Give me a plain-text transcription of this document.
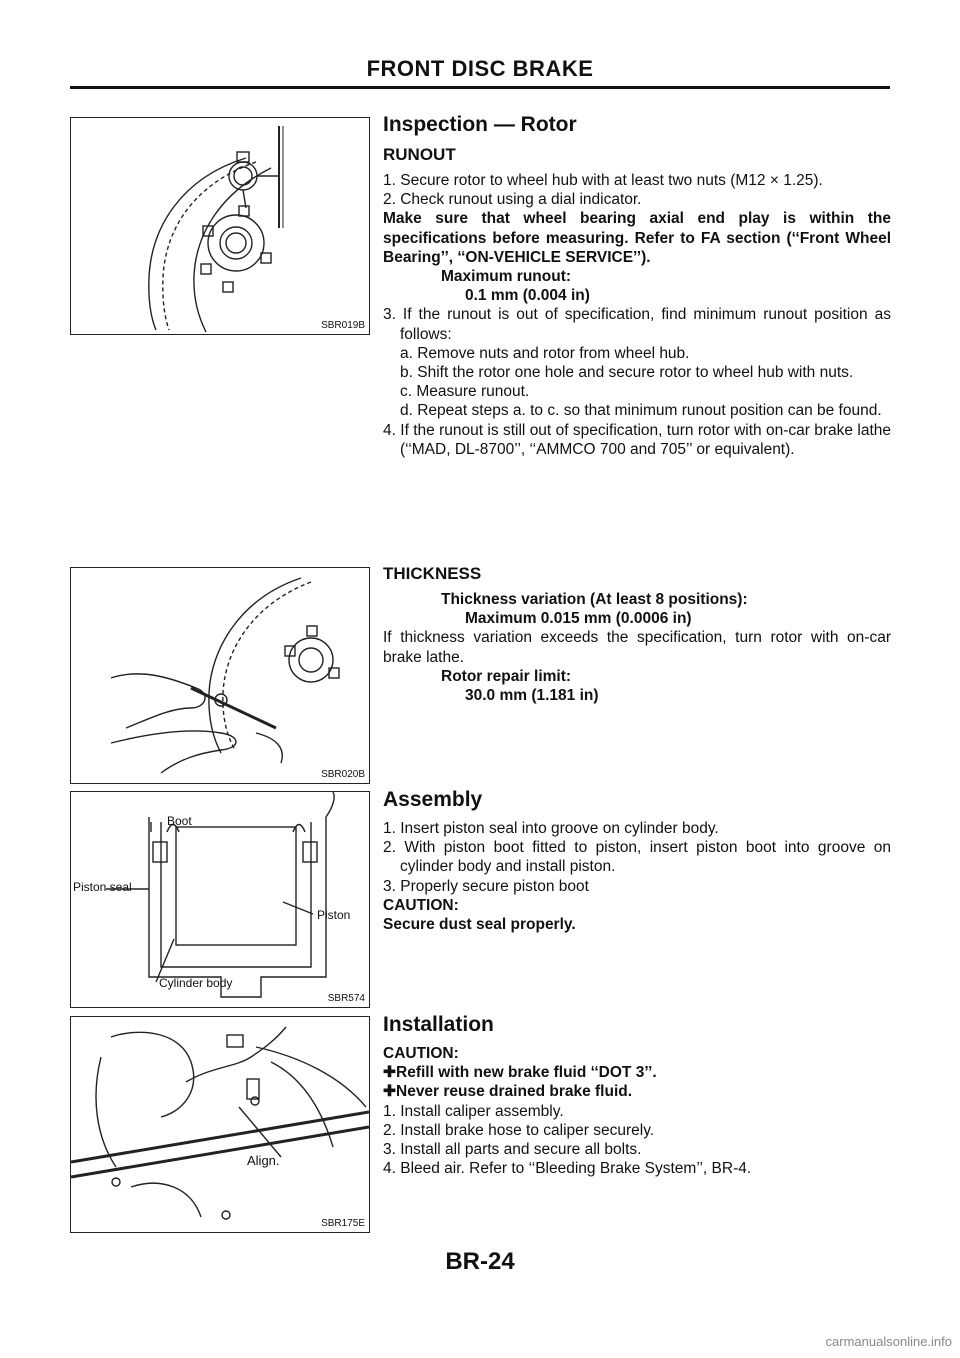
FRONT DISC BRAKE
SBR019B

Inspection — Rotor

RUNOUT

1. Secure rotor to wheel hub with at least two nuts (M12 × 1.25).

2. Check runout using a dial indicator.

Make sure that wheel bearing axial end play is within the specifications before measuring. Refer to FA section (‘‘Front Wheel Bearing’’, ‘‘ON-VEHICLE SERVICE’’).

Maximum runout:

0.1 mm (0.004 in)

3. If the runout is out of specification, find minimum runout position as follows:

a. Remove nuts and rotor from wheel hub.

b. Shift the rotor one hole and secure rotor to wheel hub with nuts.

c. Measure runout.

d. Repeat steps a. to c. so that minimum runout position can be found.

4. If the runout is still out of specification, turn rotor with on-car brake lathe (‘‘MAD, DL-8700’’, ‘‘AMMCO 700 and 705’’ or equivalent).

SBR020B

THICKNESS

Thickness variation (At least 8 positions):

Maximum 0.015 mm (0.0006 in)

If thickness variation exceeds the specification, turn rotor with on-car brake lathe.

Rotor repair limit:

30.0 mm (1.181 in)

Boot
Piston seal
Piston
Cylinder body
SBR574

Assembly

1. Insert piston seal into groove on cylinder body.

2. With piston boot fitted to piston, insert piston boot into groove on cylinder body and install piston.

3. Properly secure piston boot

CAUTION:

Secure dust seal properly.

Align.
SBR175E

Installation

CAUTION:

✚Refill with new brake fluid ‘‘DOT 3’’.

✚Never reuse drained brake fluid.

1. Install caliper assembly.

2. Install brake hose to caliper securely.

3. Install all parts and secure all bolts.

4. Bleed air. Refer to ‘‘Bleeding Brake System’’, BR-4.

BR-24
carmanualsonline.info
